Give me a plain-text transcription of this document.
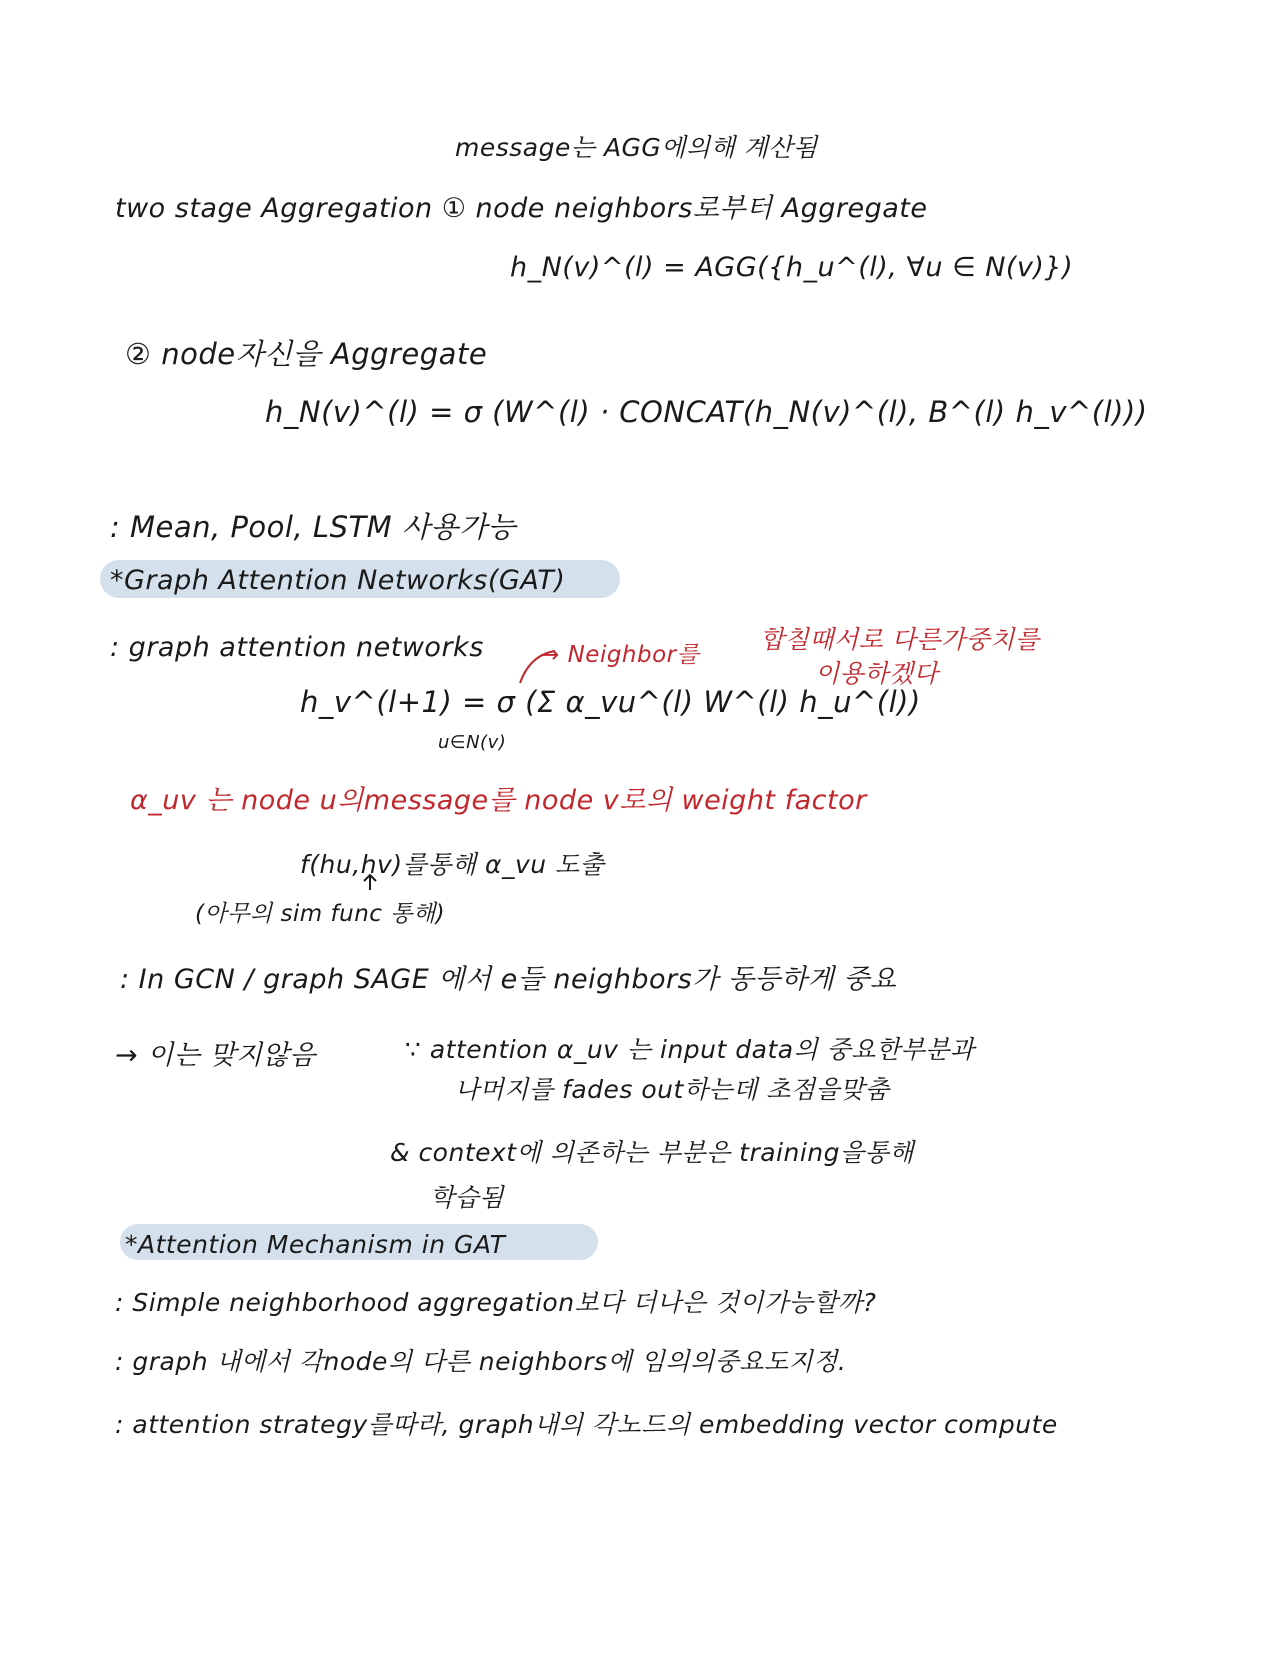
message는 AGG에의해 계산됨
two stage Aggregation ① node neighbors로부터 Aggregate
h_N(v)^(l) = AGG({h_u^(l), ∀u ∈ N(v)})
② node자신을 Aggregate
h_N(v)^(l) = σ (W^(l) · CONCAT(h_N(v)^(l), B^(l) h_v^(l)))
: Mean, Pool, LSTM 사용가능
*Graph Attention Networks(GAT)
: graph attention networks → Neighbor를
합칠때서로 다른가중치를
이용하겠다
h_v^(l+1) = σ (Σ α_vu^(l) W^(l) h_u^(l))
u∈N(v)
α_uv 는 node u의message를 node v로의 weight factor
f(hu,hv)를통해 α_vu 도출
(아무의 sim func 통해)
: In GCN / graph SAGE 에서 e들 neighbors가 동등하게 중요
→ 이는 맞지않음	∵ attention α_uv 는 input data의 중요한부분과
나머지를 fades out하는데 초점을맞춤
& context에 의존하는 부분은 training을통해
학습됨
*Attention Mechanism in GAT
: Simple neighborhood aggregation보다 더나은 것이가능할까?
: graph 내에서 각node의 다른 neighbors에 임의의중요도지정.
: attention strategy를따라, graph내의 각노드의 embedding vector compute
